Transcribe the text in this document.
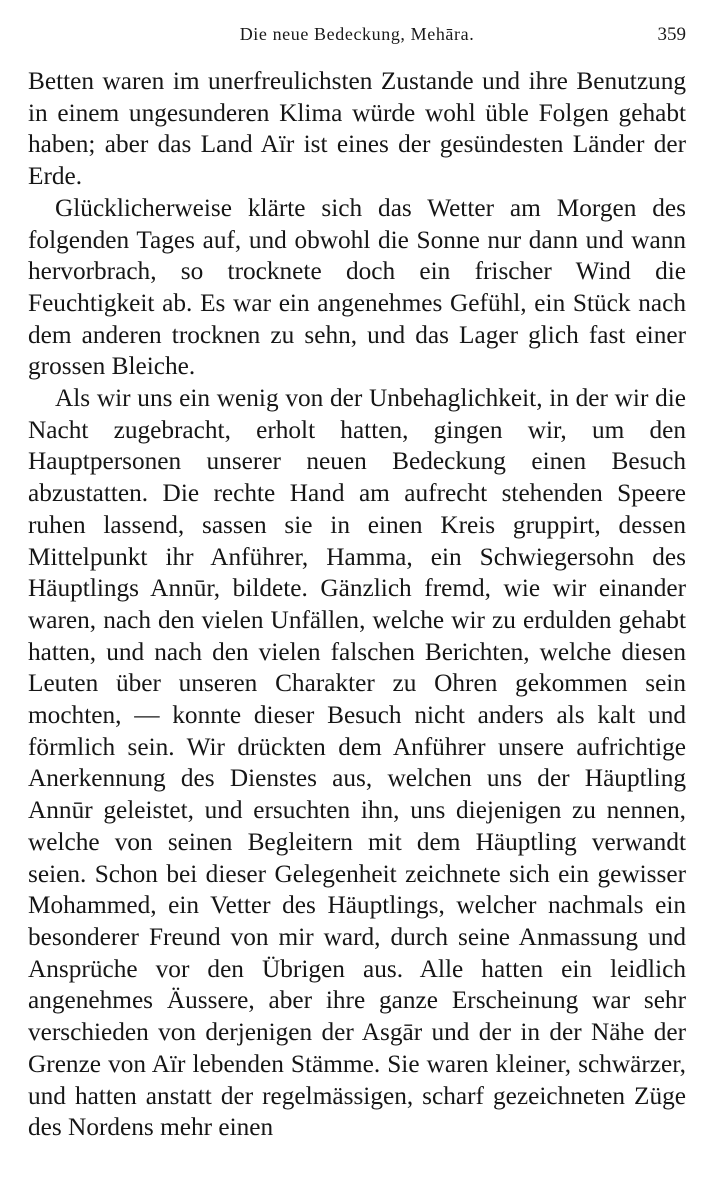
Die neue Bedeckung, Mehāra.	359

Betten waren im unerfreulichsten Zustande und ihre Benutzung in einem ungesunderen Klima würde wohl üble Folgen gehabt haben; aber das Land Aïr ist eines der gesündesten Länder der Erde.

Glücklicherweise klärte sich das Wetter am Morgen des folgenden Tages auf, und obwohl die Sonne nur dann und wann hervorbrach, so trocknete doch ein frischer Wind die Feuchtigkeit ab. Es war ein angenehmes Gefühl, ein Stück nach dem anderen trocknen zu sehn, und das Lager glich fast einer grossen Bleiche.

Als wir uns ein wenig von der Unbehaglichkeit, in der wir die Nacht zugebracht, erholt hatten, gingen wir, um den Hauptpersonen unserer neuen Bedeckung einen Besuch abzustatten. Die rechte Hand am aufrecht stehenden Speere ruhen lassend, sassen sie in einen Kreis gruppirt, dessen Mittelpunkt ihr Anführer, Hamma, ein Schwiegersohn des Häuptlings Annūr, bildete. Gänzlich fremd, wie wir einander waren, nach den vielen Unfällen, welche wir zu erdulden gehabt hatten, und nach den vielen falschen Berichten, welche diesen Leuten über unseren Charakter zu Ohren gekommen sein mochten, — konnte dieser Besuch nicht anders als kalt und förmlich sein. Wir drückten dem Anführer unsere aufrichtige Anerkennung des Dienstes aus, welchen uns der Häuptling Annūr geleistet, und ersuchten ihn, uns diejenigen zu nennen, welche von seinen Begleitern mit dem Häuptling verwandt seien. Schon bei dieser Gelegenheit zeichnete sich ein gewisser Mohammed, ein Vetter des Häuptlings, welcher nachmals ein besonderer Freund von mir ward, durch seine Anmassung und Ansprüche vor den Übrigen aus. Alle hatten ein leidlich angenehmes Äussere, aber ihre ganze Erscheinung war sehr verschieden von derjenigen der Asgār und der in der Nähe der Grenze von Aïr lebenden Stämme. Sie waren kleiner, schwärzer, und hatten anstatt der regelmässigen, scharf gezeichneten Züge des Nordens mehr einen
